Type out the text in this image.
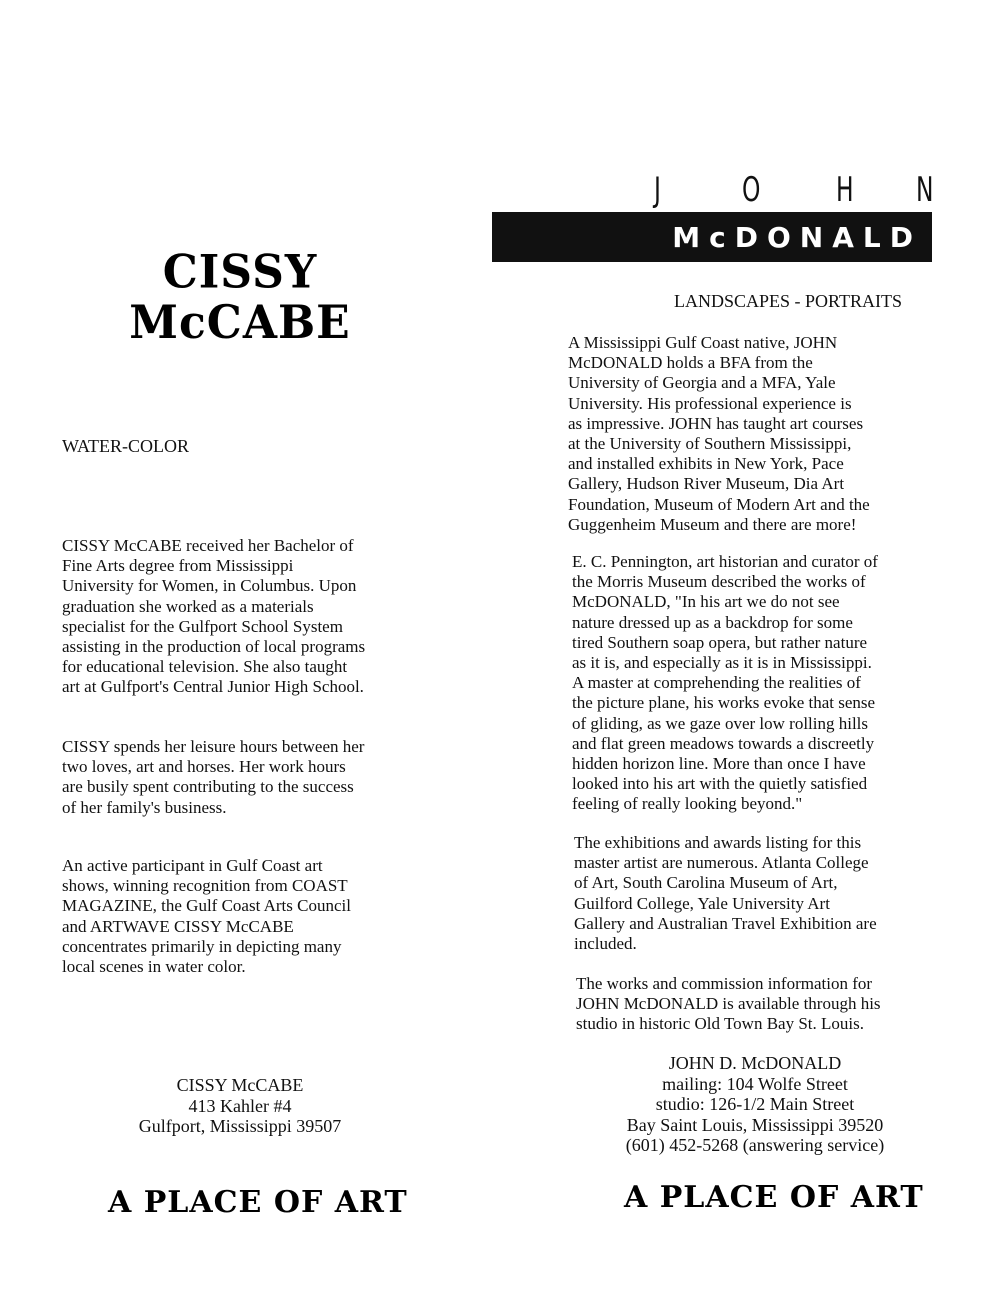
CISSY
McCABE
WATER-COLOR

CISSY McCABE received her Bachelor of
Fine Arts degree from Mississippi
University for Women, in Columbus. Upon
graduation she worked as a materials
specialist for the Gulfport School System
assisting in the production of local programs
for educational television. She also taught
art at Gulfport's Central Junior High School.

CISSY spends her leisure hours between her
two loves, art and horses. Her work hours
are busily spent contributing to the success
of her family's business.

An active participant in Gulf Coast art
shows, winning recognition from COAST
MAGAZINE, the Gulf Coast Arts Council
and ARTWAVE CISSY McCABE
concentrates primarily in depicting many
local scenes in water color.

CISSY McCABE
413 Kahler #4
Gulfport, Mississippi 39507
A PLACE OF ART
J	O	H N
McDONALD
LANDSCAPES - PORTRAITS

A Mississippi Gulf Coast native, JOHN
McDONALD holds a BFA from the
University of Georgia and a MFA, Yale
University. His professional experience is
as impressive. JOHN has taught art courses
at the University of Southern Mississippi,
and installed exhibits in New York, Pace
Gallery, Hudson River Museum, Dia Art
Foundation, Museum of Modern Art and the
Guggenheim Museum and there are more!

E. C. Pennington, art historian and curator of
the Morris Museum described the works of
McDONALD, "In his art we do not see
nature dressed up as a backdrop for some
tired Southern soap opera, but rather nature
as it is, and especially as it is in Mississippi.
A master at comprehending the realities of
the picture plane, his works evoke that sense
of gliding, as we gaze over low rolling hills
and flat green meadows towards a discreetly
hidden horizon line. More than once I have
looked into his art with the quietly satisfied
feeling of really looking beyond."

The exhibitions and awards listing for this
master artist are numerous. Atlanta College
of Art, South Carolina Museum of Art,
Guilford College, Yale University Art
Gallery and Australian Travel Exhibition are
included.

The works and commission information for
JOHN McDONALD is available through his
studio in historic Old Town Bay St. Louis.

JOHN D. McDONALD
mailing: 104 Wolfe Street
studio: 126-1/2 Main Street
Bay Saint Louis, Mississippi 39520
(601) 452-5268 (answering service)
A PLACE OF ART
